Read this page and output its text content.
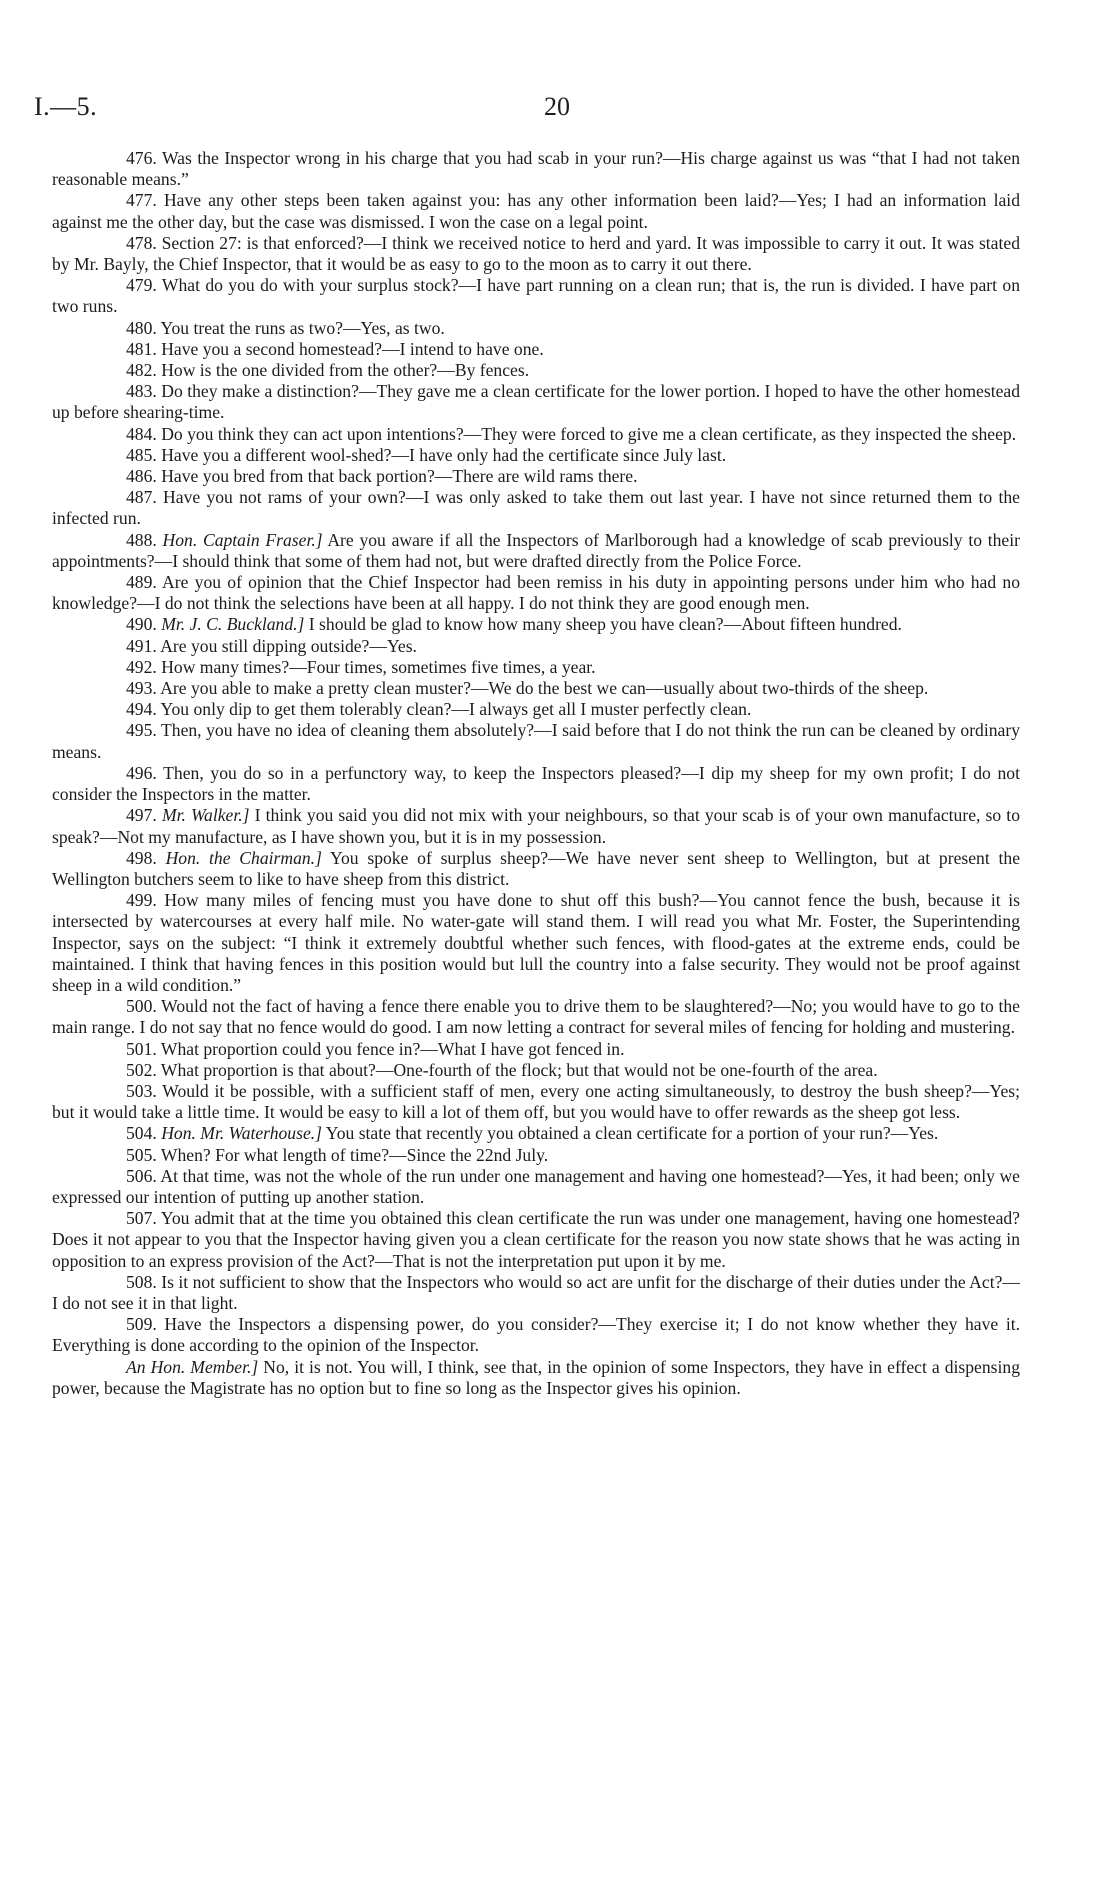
I.—5.	20

476. Was the Inspector wrong in his charge that you had scab in your run?—His charge against us was “that I had not taken reasonable means.”

477. Have any other steps been taken against you: has any other information been laid?—Yes; I had an information laid against me the other day, but the case was dismissed. I won the case on a legal point.

478. Section 27: is that enforced?—I think we received notice to herd and yard. It was impossible to carry it out. It was stated by Mr. Bayly, the Chief Inspector, that it would be as easy to go to the moon as to carry it out there.

479. What do you do with your surplus stock?—I have part running on a clean run; that is, the run is divided. I have part on two runs.

480. You treat the runs as two?—Yes, as two.

481. Have you a second homestead?—I intend to have one.

482. How is the one divided from the other?—By fences.

483. Do they make a distinction?—They gave me a clean certificate for the lower portion. I hoped to have the other homestead up before shearing-time.

484. Do you think they can act upon intentions?—They were forced to give me a clean certificate, as they inspected the sheep.

485. Have you a different wool-shed?—I have only had the certificate since July last.

486. Have you bred from that back portion?—There are wild rams there.

487. Have you not rams of your own?—I was only asked to take them out last year. I have not since returned them to the infected run.

488. Hon. Captain Fraser.] Are you aware if all the Inspectors of Marlborough had a knowledge of scab previously to their appointments?—I should think that some of them had not, but were drafted directly from the Police Force.

489. Are you of opinion that the Chief Inspector had been remiss in his duty in appointing persons under him who had no knowledge?—I do not think the selections have been at all happy. I do not think they are good enough men.

490. Mr. J. C. Buckland.] I should be glad to know how many sheep you have clean?—About fifteen hundred.

491. Are you still dipping outside?—Yes.

492. How many times?—Four times, sometimes five times, a year.

493. Are you able to make a pretty clean muster?—We do the best we can—usually about two-thirds of the sheep.

494. You only dip to get them tolerably clean?—I always get all I muster perfectly clean.

495. Then, you have no idea of cleaning them absolutely?—I said before that I do not think the run can be cleaned by ordinary means.

496. Then, you do so in a perfunctory way, to keep the Inspectors pleased?—I dip my sheep for my own profit; I do not consider the Inspectors in the matter.

497. Mr. Walker.] I think you said you did not mix with your neighbours, so that your scab is of your own manufacture, so to speak?—Not my manufacture, as I have shown you, but it is in my possession.

498. Hon. the Chairman.] You spoke of surplus sheep?—We have never sent sheep to Wellington, but at present the Wellington butchers seem to like to have sheep from this district.

499. How many miles of fencing must you have done to shut off this bush?—You cannot fence the bush, because it is intersected by watercourses at every half mile. No water-gate will stand them. I will read you what Mr. Foster, the Superintending Inspector, says on the subject: “I think it extremely doubtful whether such fences, with flood-gates at the extreme ends, could be maintained. I think that having fences in this position would but lull the country into a false security. They would not be proof against sheep in a wild condition.”

500. Would not the fact of having a fence there enable you to drive them to be slaughtered?—No; you would have to go to the main range. I do not say that no fence would do good. I am now letting a contract for several miles of fencing for holding and mustering.

501. What proportion could you fence in?—What I have got fenced in.

502. What proportion is that about?—One-fourth of the flock; but that would not be one-fourth of the area.

503. Would it be possible, with a sufficient staff of men, every one acting simultaneously, to destroy the bush sheep?—Yes; but it would take a little time. It would be easy to kill a lot of them off, but you would have to offer rewards as the sheep got less.

504. Hon. Mr. Waterhouse.] You state that recently you obtained a clean certificate for a portion of your run?—Yes.

505. When? For what length of time?—Since the 22nd July.

506. At that time, was not the whole of the run under one management and having one homestead?—Yes, it had been; only we expressed our intention of putting up another station.

507. You admit that at the time you obtained this clean certificate the run was under one management, having one homestead? Does it not appear to you that the Inspector having given you a clean certificate for the reason you now state shows that he was acting in opposition to an express provision of the Act?—That is not the interpretation put upon it by me.

508. Is it not sufficient to show that the Inspectors who would so act are unfit for the discharge of their duties under the Act?—I do not see it in that light.

509. Have the Inspectors a dispensing power, do you consider?—They exercise it; I do not know whether they have it. Everything is done according to the opinion of the Inspector.

An Hon. Member.] No, it is not. You will, I think, see that, in the opinion of some Inspectors, they have in effect a dispensing power, because the Magistrate has no option but to fine so long as the Inspector gives his opinion.
